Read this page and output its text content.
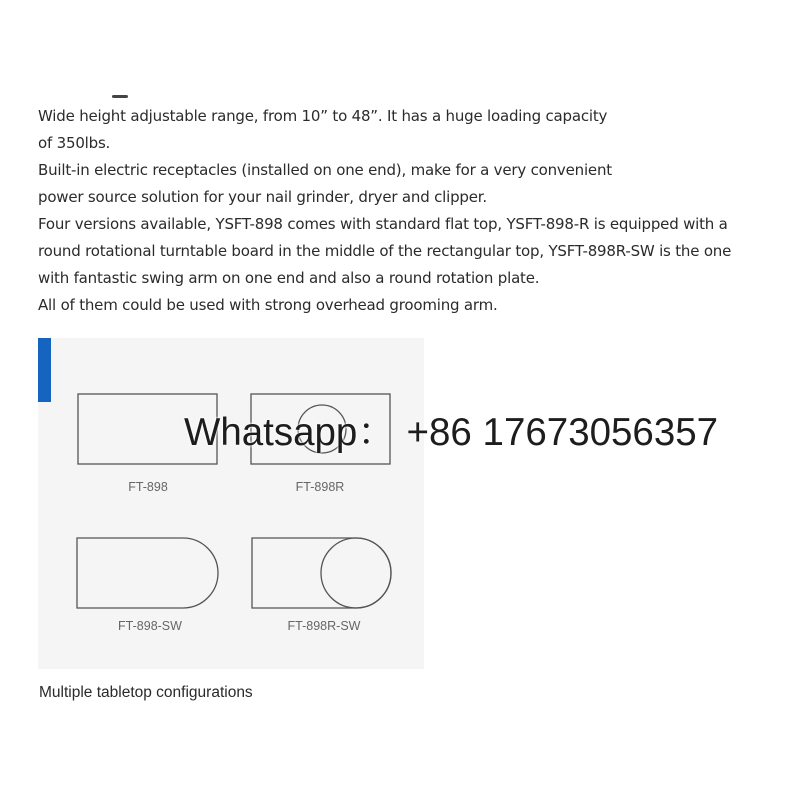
Wide height adjustable range, from 10” to 48”. It has a huge loading capacity
of 350lbs.
Built-in electric receptacles (installed on one end), make for a very convenient
power source solution for your nail grinder, dryer and clipper.
Four versions available, YSFT-898 comes with standard flat top, YSFT-898-R is equipped with a
round rotational turntable board in the middle of the rectangular top, YSFT-898R-SW is the one
with fantastic swing arm on one end and also a round rotation plate.
All of them could be used with strong overhead grooming arm.
FT-898	FT-898R
FT-898-SW	FT-898R-SW
Whatsapp： +86 17673056357
Multiple tabletop configurations
